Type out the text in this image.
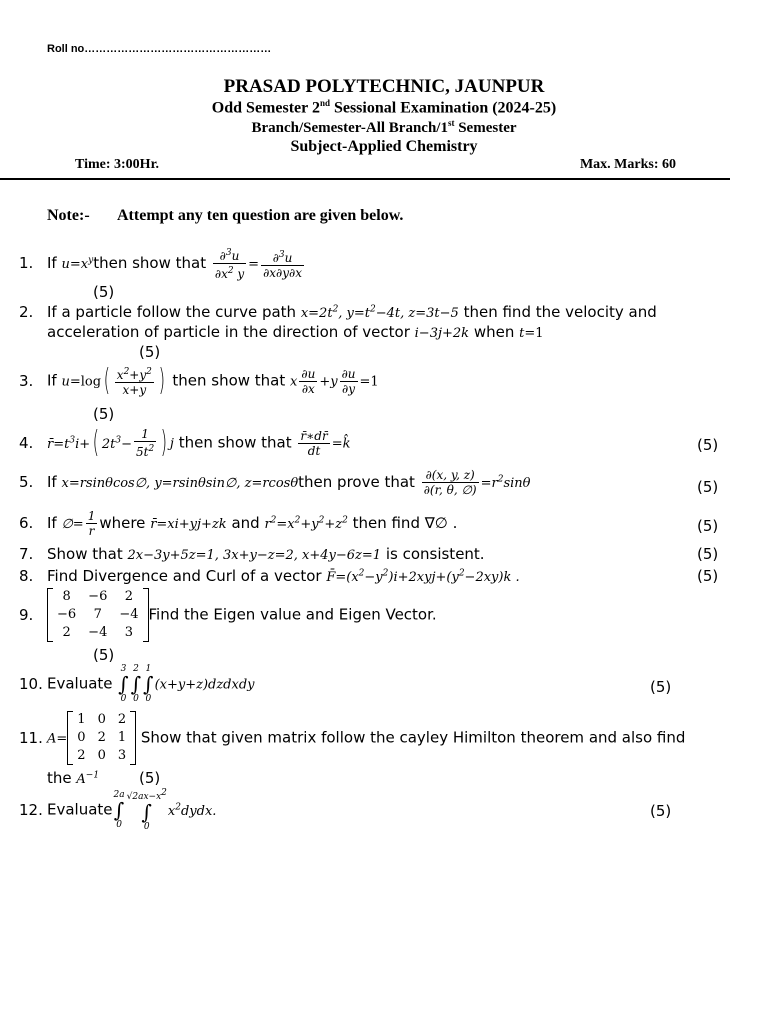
Roll no……………………………………………
PRASAD POLYTECHNIC, JAUNPUR
Odd Semester 2nd Sessional Examination (2024-25)
Branch/Semester-All Branch/1st Semester
Subject-Applied Chemistry
Time: 3:00Hr.	Max. Marks: 60
Note:- Attempt any ten question are given below.
1. If $u=x^ythen$ show that $\frac{\partial^3u}{\partial x^2 y} = \frac{\partial^3u}{\partial x\partial y\partial x}$
(5)
2. If a particle follow the curve path $x=2t^2$, $y=t^2-4t$, z=3t−5 then find the velocity and
acceleration of particle in the direction of vector i−3j+2k when t=1
(5)
3. If $u=\log( \frac{x^2+y^2}{x+y}$ ) then show that x $\frac{\partial u}{\partial x} +y \frac{\partial u}{\partial y} =1$
(5)
4. $r̄=t^3i+$( $2t^3- \frac{1}{5t^2}$ ) j then show that $\frac{r̄∗dr̄}{dt}$ =k̂	(5)
5. If x=rsinθcos∅, y=rsinθsin∅, z=rcosθthen prove that $\frac{\partial(x, y, z)}{\partial(r, \theta, \emptyset)} =r^2\sin\theta$	(5)
6. If ∅= $\frac{1}{r}$ where r̄=xi+yj+zk and $r^2=x^2+y^2+z^2$ then find ∇∅ .	(5)
7. Show that 2x−3y+5z=1, 3x+y−z=2, x+4y−6z=1 is consistent.	(5)
8. Find Divergence and Curl of a vector $F̄=(x^2-y^2)i+2xyj+(y^2-2xy)k$ .	(5)
9.
8	−6	2
−6	7	−4
2	−4	3
Find the Eigen value and Eigen Vector.
(5)
10. Evaluate 3
∫
02
∫
01
∫
0(x+y+z)dzdxdy	(5)
11. A=
1	0	2
0	2	1
2	0	3
Show that given matrix follow the cayley Himilton theorem and also find
the $A^{-1}$	(5)
12. Evaluate2a
∫
$0√2ax-x^2$
∫
$0x^2dydx$.	(5)
